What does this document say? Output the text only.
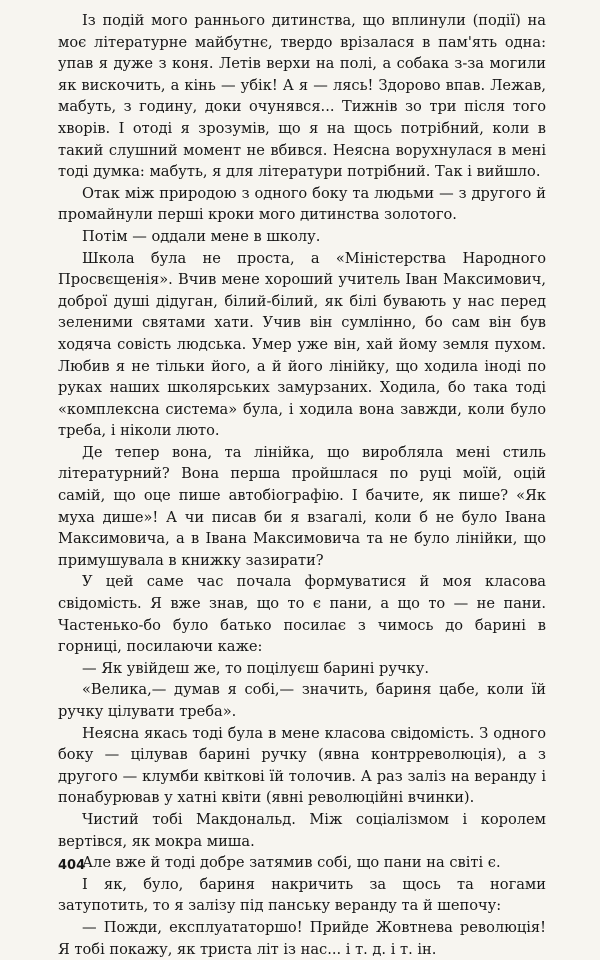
Із подій мого раннього дитинства, що вплинули (події) на моє літературне майбутнє, твердо врізалася в пам'ять одна: упав я дуже з коня. Летів верхи на полі, а собака з-за могили як вискочить, а кінь — убік! А я — лясь! Здорово впав. Лежав, мабуть, з годину, доки очунявся... Тижнів зо три після того хворів. І отоді я зрозумів, що я на щось потрібний, коли в такий слушний момент не вбився. Неясна ворухнулася в мені тоді думка: мабуть, я для літератури потрібний. Так і вийшло.

Отак між природою з одного боку та людьми — з другого й промайнули перші кроки мого дитинства золотого.

Потім — оддали мене в школу.

Школа була не проста, а «Міністерства Народного Просвєщенія». Вчив мене хороший учитель Іван Максимович, доброї душі дідуган, білий-білий, як білі бувають у нас перед зеленими святами хати. Учив він сумлінно, бо сам він був ходяча совість людська. Умер уже він, хай йому земля пухом. Любив я не тільки його, а й його лінійку, що ходила іноді по руках наших школярських замурзаних. Ходила, бо така тоді «комплексна система» була, і ходила вона завжди, коли було треба, і ніколи люто.

Де тепер вона, та лінійка, що виробляла мені стиль літературний? Вона перша пройшлася по руці моїй, оцій самій, що оце пише автобіографію. І бачите, як пише? «Як муха дише»! А чи писав би я взагалі, коли б не було Івана Максимовича, а в Івана Максимовича та не було лінійки, що примушувала в книжку зазирати?

У цей саме час почала формуватися й моя класова свідомість. Я вже знав, що то є пани, а що то — не пани. Частенько-бо було батько посилає з чимось до барині в горниці, посилаючи каже:

— Як увійдеш же, то поцілуєш барині ручку.

«Велика,— думав я собі,— значить, бариня цабе, коли їй ручку цілувати треба».

Неясна якась тоді була в мене класова свідомість. З одного боку — цілував барині ручку (явна контрреволюція), а з другого — клумби квіткові їй толочив. А раз заліз на веранду і понабурював у хатні квіти (явні революційні вчинки).

Чистий тобі Макдональд. Між соціалізмом і королем вертівся, як мокра миша.

Але вже й тоді добре затямив собі, що пани на світі є.

І як, було, бариня накричить за щось та ногами затупотить, то я залізу під панську веранду та й шепочу:

— Пожди, експлуататоршо! Прийде Жовтнева революція! Я тобі покажу, як триста літ із нас... і т. д. і т. ін.

404
